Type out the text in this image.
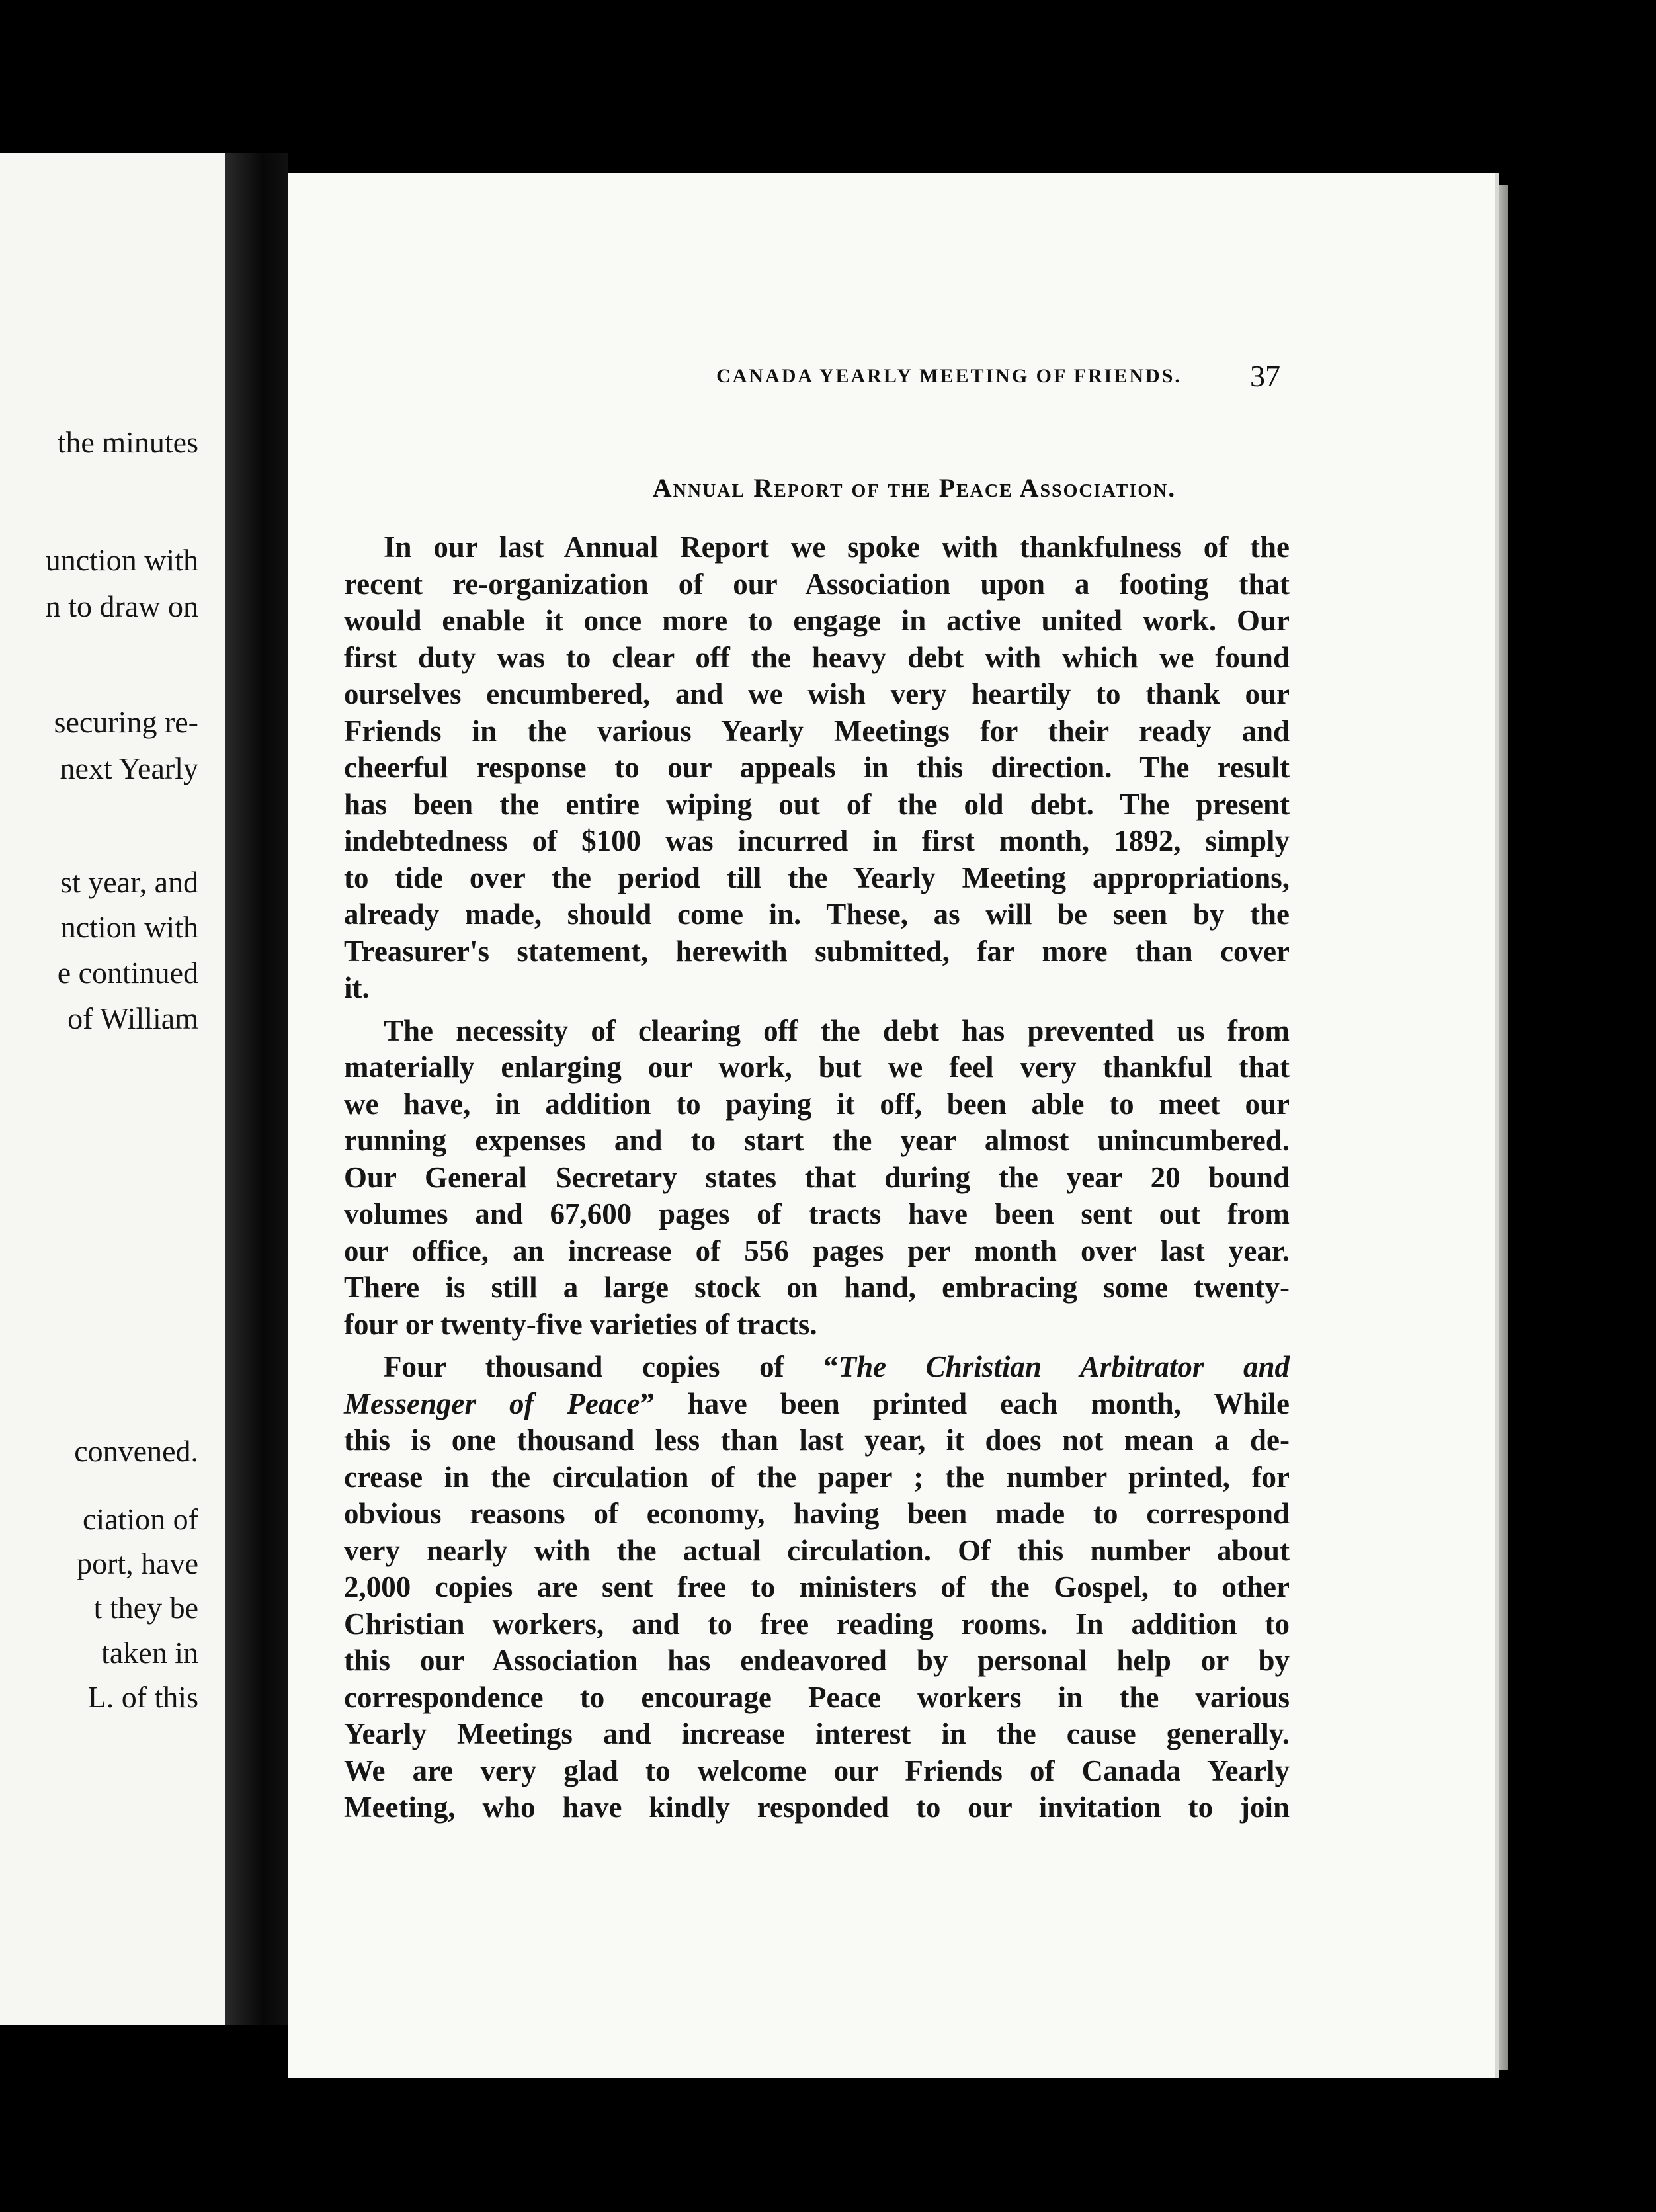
the minutes
unction with
n to draw on
securing re-
next Yearly
st year, and
nction with
e continued
of William
convened.
ciation of
port, have
t they be
taken in
L. of this
CANADA YEARLY MEETING OF FRIENDS.	37
Annual Report of the Peace Association.

In our last Annual Report we spoke with thankfulness of the
recent re-organization of our Association upon a footing that
would enable it once more to engage in active united work. Our
first duty was to clear off the heavy debt with which we found
ourselves encumbered, and we wish very heartily to thank our
Friends in the various Yearly Meetings for their ready and
cheerful response to our appeals in this direction. The result
has been the entire wiping out of the old debt. The present
indebtedness of $100 was incurred in first month, 1892, simply
to tide over the period till the Yearly Meeting appropriations,
already made, should come in. These, as will be seen by the
Treasurer's statement, herewith submitted, far more than cover
it.

The necessity of clearing off the debt has prevented us from
materially enlarging our work, but we feel very thankful that
we have, in addition to paying it off, been able to meet our
running expenses and to start the year almost unincumbered.
Our General Secretary states that during the year 20 bound
volumes and 67,600 pages of tracts have been sent out from
our office, an increase of 556 pages per month over last year.
There is still a large stock on hand, embracing some twenty-
four or twenty-five varieties of tracts.

Four thousand copies of “The Christian Arbitrator and
Messenger of Peace” have been printed each month, While
this is one thousand less than last year, it does not mean a de-
crease in the circulation of the paper ; the number printed, for
obvious reasons of economy, having been made to correspond
very nearly with the actual circulation. Of this number about
2,000 copies are sent free to ministers of the Gospel, to other
Christian workers, and to free reading rooms. In addition to
this our Association has endeavored by personal help or by
correspondence to encourage Peace workers in the various
Yearly Meetings and increase interest in the cause generally.
We are very glad to welcome our Friends of Canada Yearly
Meeting, who have kindly responded to our invitation to join
